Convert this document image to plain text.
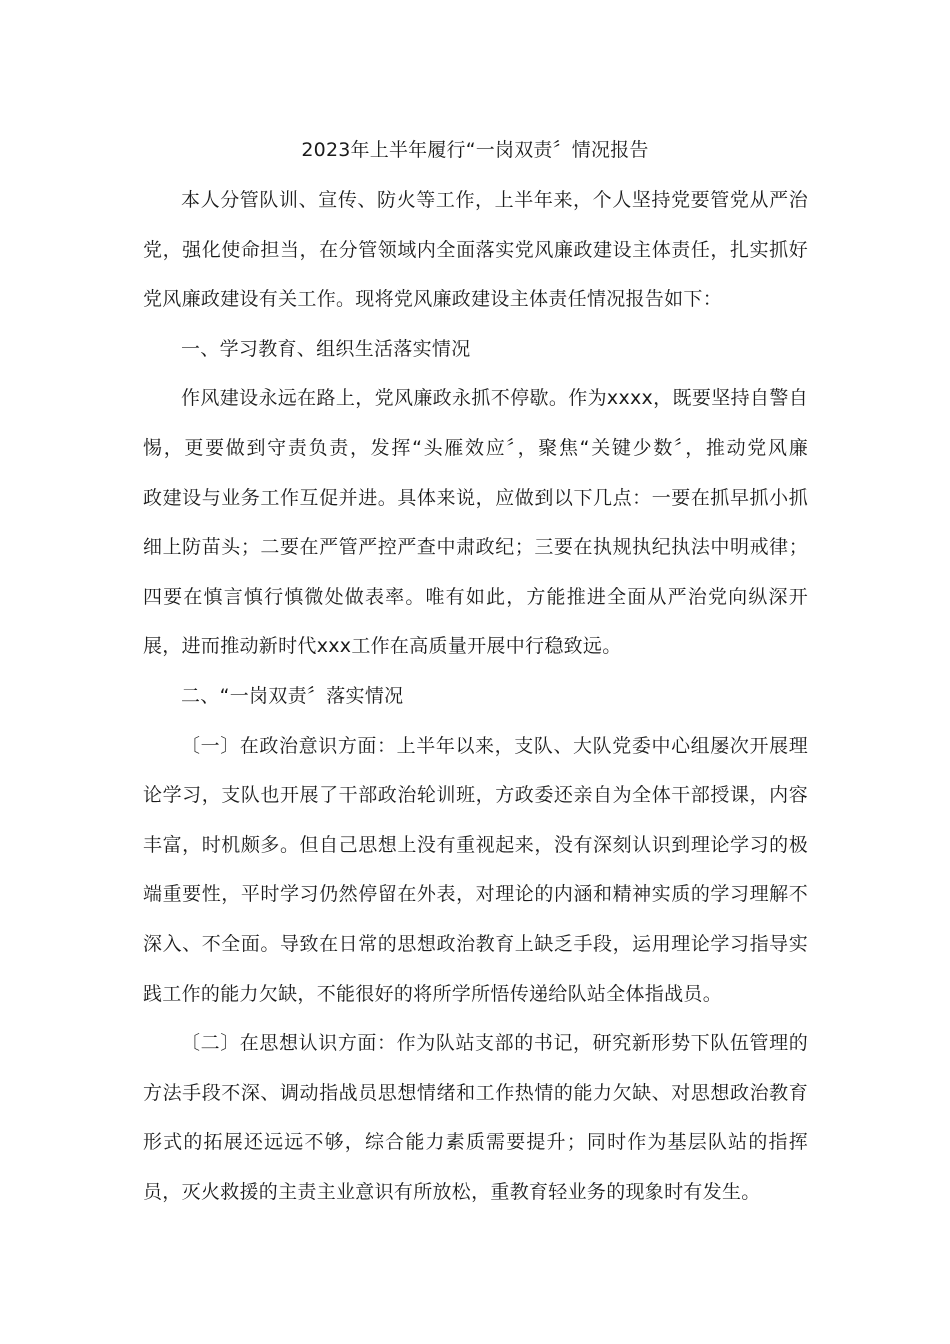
2023年上半年履行“一岗双责〞情况报告
本人分管队训、宣传、防火等工作，上半年来，个人坚持党要管党从严治
党，强化使命担当，在分管领域内全面落实党风廉政建设主体责任，扎实抓好
党风廉政建设有关工作。现将党风廉政建设主体责任情况报告如下：
一、学习教育、组织生活落实情况
作风建设永远在路上，党风廉政永抓不停歇。作为xxxx，既要坚持自警自
惕，更要做到守责负责，发挥“头雁效应〞，聚焦“关键少数〞，推动党风廉
政建设与业务工作互促并进。具体来说，应做到以下几点：一要在抓早抓小抓
细上防苗头；二要在严管严控严查中肃政纪；三要在执规执纪执法中明戒律；
四要在慎言慎行慎微处做表率。唯有如此，方能推进全面从严治党向纵深开
展，进而推动新时代xxx工作在高质量开展中行稳致远。
二、“一岗双责〞落实情况
〔一〕在政治意识方面：上半年以来，支队、大队党委中心组屡次开展理
论学习，支队也开展了干部政治轮训班，方政委还亲自为全体干部授课，内容
丰富，时机颇多。但自己思想上没有重视起来，没有深刻认识到理论学习的极
端重要性，平时学习仍然停留在外表，对理论的内涵和精神实质的学习理解不
深入、不全面。导致在日常的思想政治教育上缺乏手段，运用理论学习指导实
践工作的能力欠缺，不能很好的将所学所悟传递给队站全体指战员。
〔二〕在思想认识方面：作为队站支部的书记，研究新形势下队伍管理的
方法手段不深、调动指战员思想情绪和工作热情的能力欠缺、对思想政治教育
形式的拓展还远远不够，综合能力素质需要提升；同时作为基层队站的指挥
员，灭火救援的主责主业意识有所放松，重教育轻业务的现象时有发生。
